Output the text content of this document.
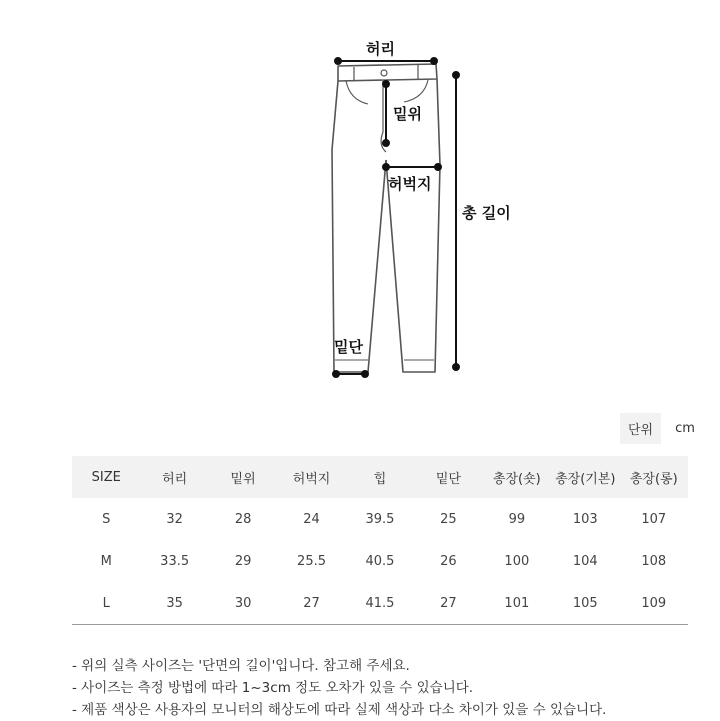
허리
밑위
허벅지
총 길이
밑단
단위	cm
SIZE	허리	밑위	허벅지	힙	밑단	총장(숏)	총장(기본)	총장(롱)
S	32	28	24	39.5	25	99	103	107
M	33.5	29	25.5	40.5	26	100	104	108
L	35	30	27	41.5	27	101	105	109
- 위의 실측 사이즈는 '단면의 길이'입니다. 참고해 주세요.
- 사이즈는 측정 방법에 따라 1~3cm 정도 오차가 있을 수 있습니다.
- 제품 색상은 사용자의 모니터의 해상도에 따라 실제 색상과 다소 차이가 있을 수 있습니다.
